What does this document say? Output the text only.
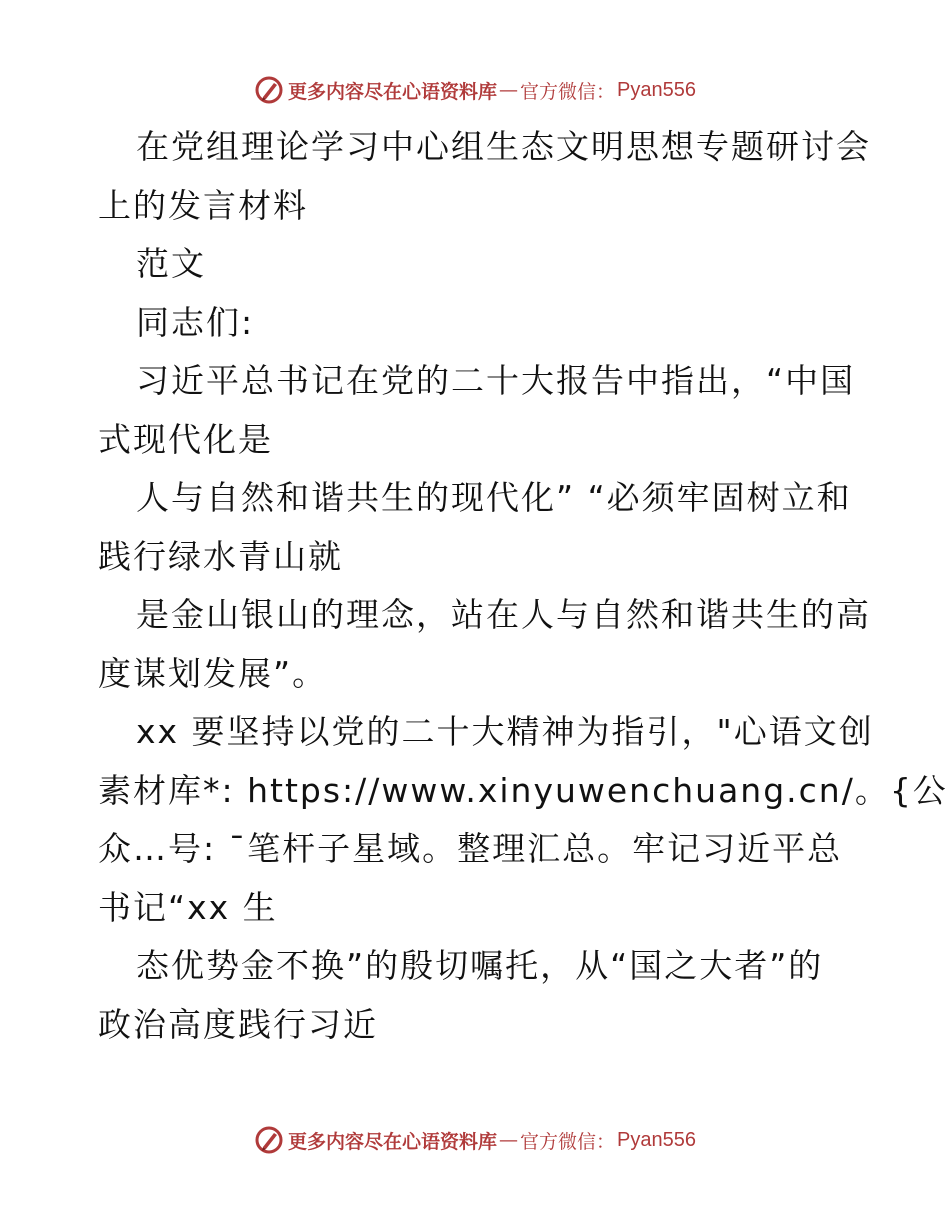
更多内容尽在心语资料库 — 官方微信： Pyan556
在党组理论学习中心组生态文明思想专题研讨会
上的发言材料
范文
同志们:
习近平总书记在党的二十大报告中指出，“中国
式现代化是
人与自然和谐共生的现代化” “必须牢固树立和
践行绿水青山就
是金山银山的理念，站在人与自然和谐共生的高
度谋划发展”。
xx 要坚持以党的二十大精神为指引，"心语文创
素材库*: https://www.xinyuwenchuang.cn/。{公
众…号: ¯笔杆子星域。整理汇总。牢记习近平总
书记“xx 生
态优势金不换”的殷切嘱托，从“国之大者”的
政治高度践行习近
更多内容尽在心语资料库 — 官方微信： Pyan556
